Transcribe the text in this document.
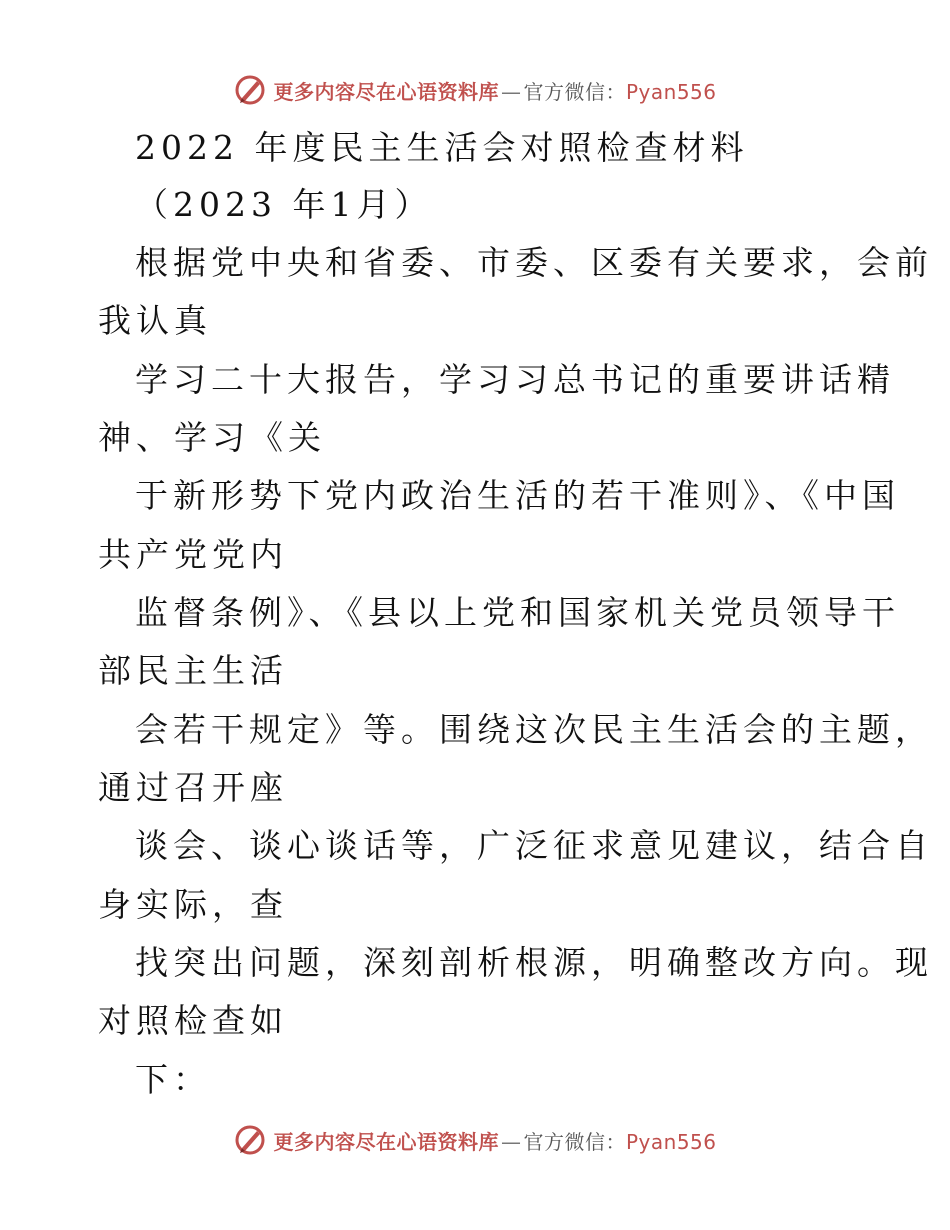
更多内容尽在心语资料库 — 官方微信：Pyan556
2022 年度民主生活会对照检查材料
（2023 年1月）
根据党中央和省委、市委、区委有关要求，会前
我认真
学习二十大报告，学习习总书记的重要讲话精
神、学习《关
于新形势下党内政治生活的若干准则》、《中国
共产党党内
监督条例》、《县以上党和国家机关党员领导干
部民主生活
会若干规定》等。围绕这次民主生活会的主题，
通过召开座
谈会、谈心谈话等，广泛征求意见建议，结合自
身实际，查
找突出问题，深刻剖析根源，明确整改方向。现
对照检查如
下：
更多内容尽在心语资料库 — 官方微信：Pyan556
